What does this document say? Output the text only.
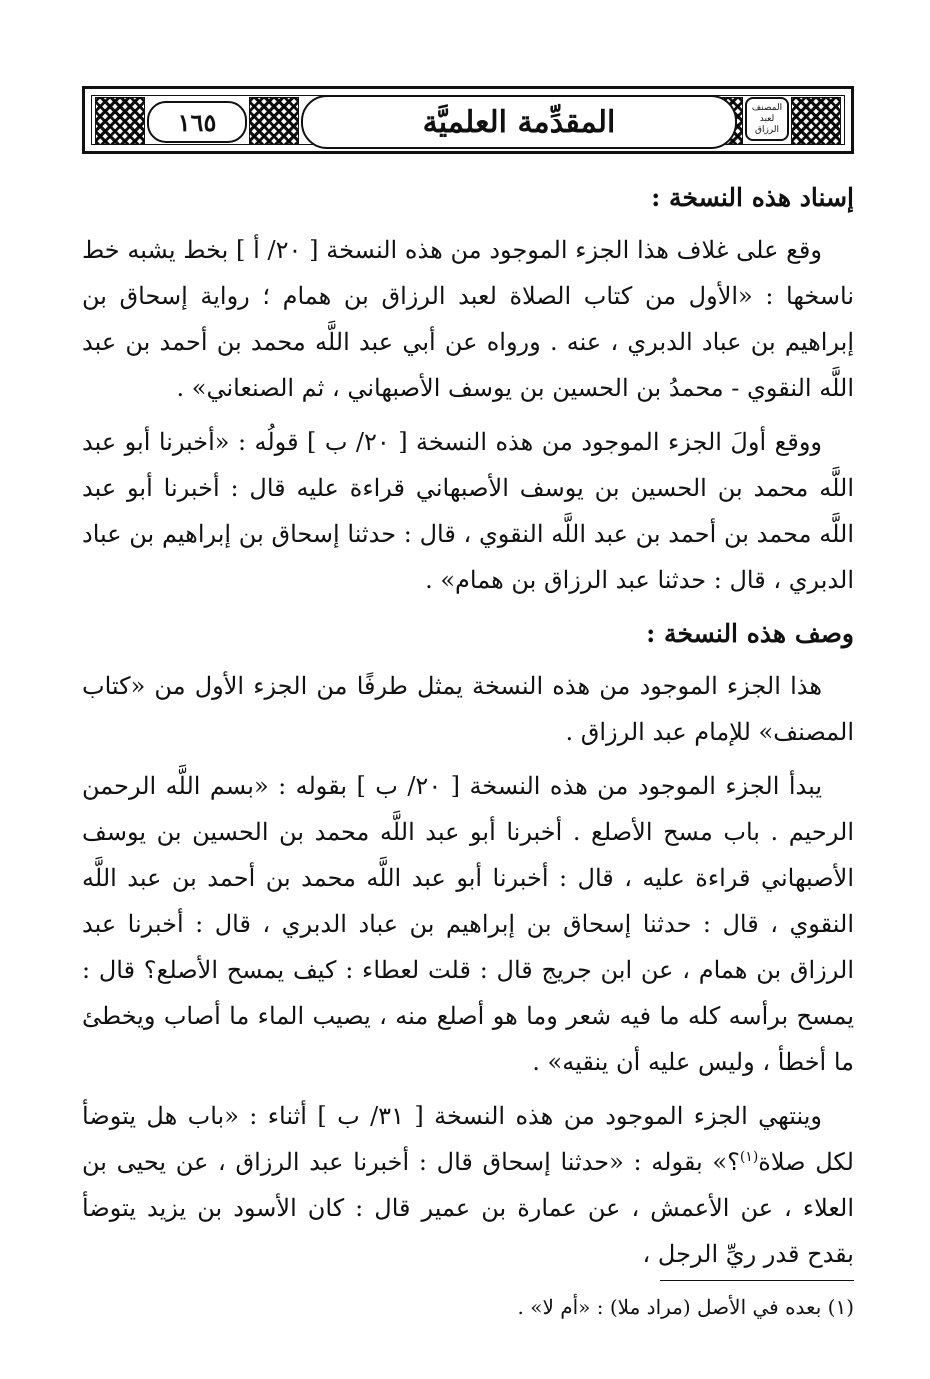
١٦٥	المقدِّمة العلميَّة	المصنف لعبد الرزاق
إسناد هذه النسخة :

وقع على غلاف هذا الجزء الموجود من هذه النسخة [ ٢٠/ أ ] بخط يشبه خط ناسخها : «الأول من كتاب الصلاة لعبد الرزاق بن همام ؛ رواية إسحاق بن إبراهيم بن عباد الدبري ، عنه . ورواه عن أبي عبد اللَّه محمد بن أحمد بن عبد اللَّه النقوي - محمدُ بن الحسين بن يوسف الأصبهاني ، ثم الصنعاني» .

ووقع أولَ الجزء الموجود من هذه النسخة [ ٢٠/ ب ] قولُه : «أخبرنا أبو عبد اللَّه محمد بن الحسين بن يوسف الأصبهاني قراءة عليه قال : أخبرنا أبو عبد اللَّه محمد بن أحمد بن عبد اللَّه النقوي ، قال : حدثنا إسحاق بن إبراهيم بن عباد الدبري ، قال : حدثنا عبد الرزاق بن همام» .

وصف هذه النسخة :

هذا الجزء الموجود من هذه النسخة يمثل طرفًا من الجزء الأول من «كتاب المصنف» للإمام عبد الرزاق .

يبدأ الجزء الموجود من هذه النسخة [ ٢٠/ ب ] بقوله : «بسم اللَّه الرحمن الرحيم . باب مسح الأصلع . أخبرنا أبو عبد اللَّه محمد بن الحسين بن يوسف الأصبهاني قراءة عليه ، قال : أخبرنا أبو عبد اللَّه محمد بن أحمد بن عبد اللَّه النقوي ، قال : حدثنا إسحاق بن إبراهيم بن عباد الدبري ، قال : أخبرنا عبد الرزاق بن همام ، عن ابن جريج قال : قلت لعطاء : كيف يمسح الأصلع؟ قال : يمسح برأسه كله ما فيه شعر وما هو أصلع منه ، يصيب الماء ما أصاب ويخطئ ما أخطأ ، وليس عليه أن ينقيه» .

وينتهي الجزء الموجود من هذه النسخة [ ٣١/ ب ] أثناء : «باب هل يتوضأ لكل صلاة$^{(١)}$؟» بقوله : «حدثنا إسحاق قال : أخبرنا عبد الرزاق ، عن يحيى بن العلاء ، عن الأعمش ، عن عمارة بن عمير قال : كان الأسود بن يزيد يتوضأ بقدح قدر ريِّ الرجل ،

(١) بعده في الأصل (مراد ملا) : «أم لا» .
